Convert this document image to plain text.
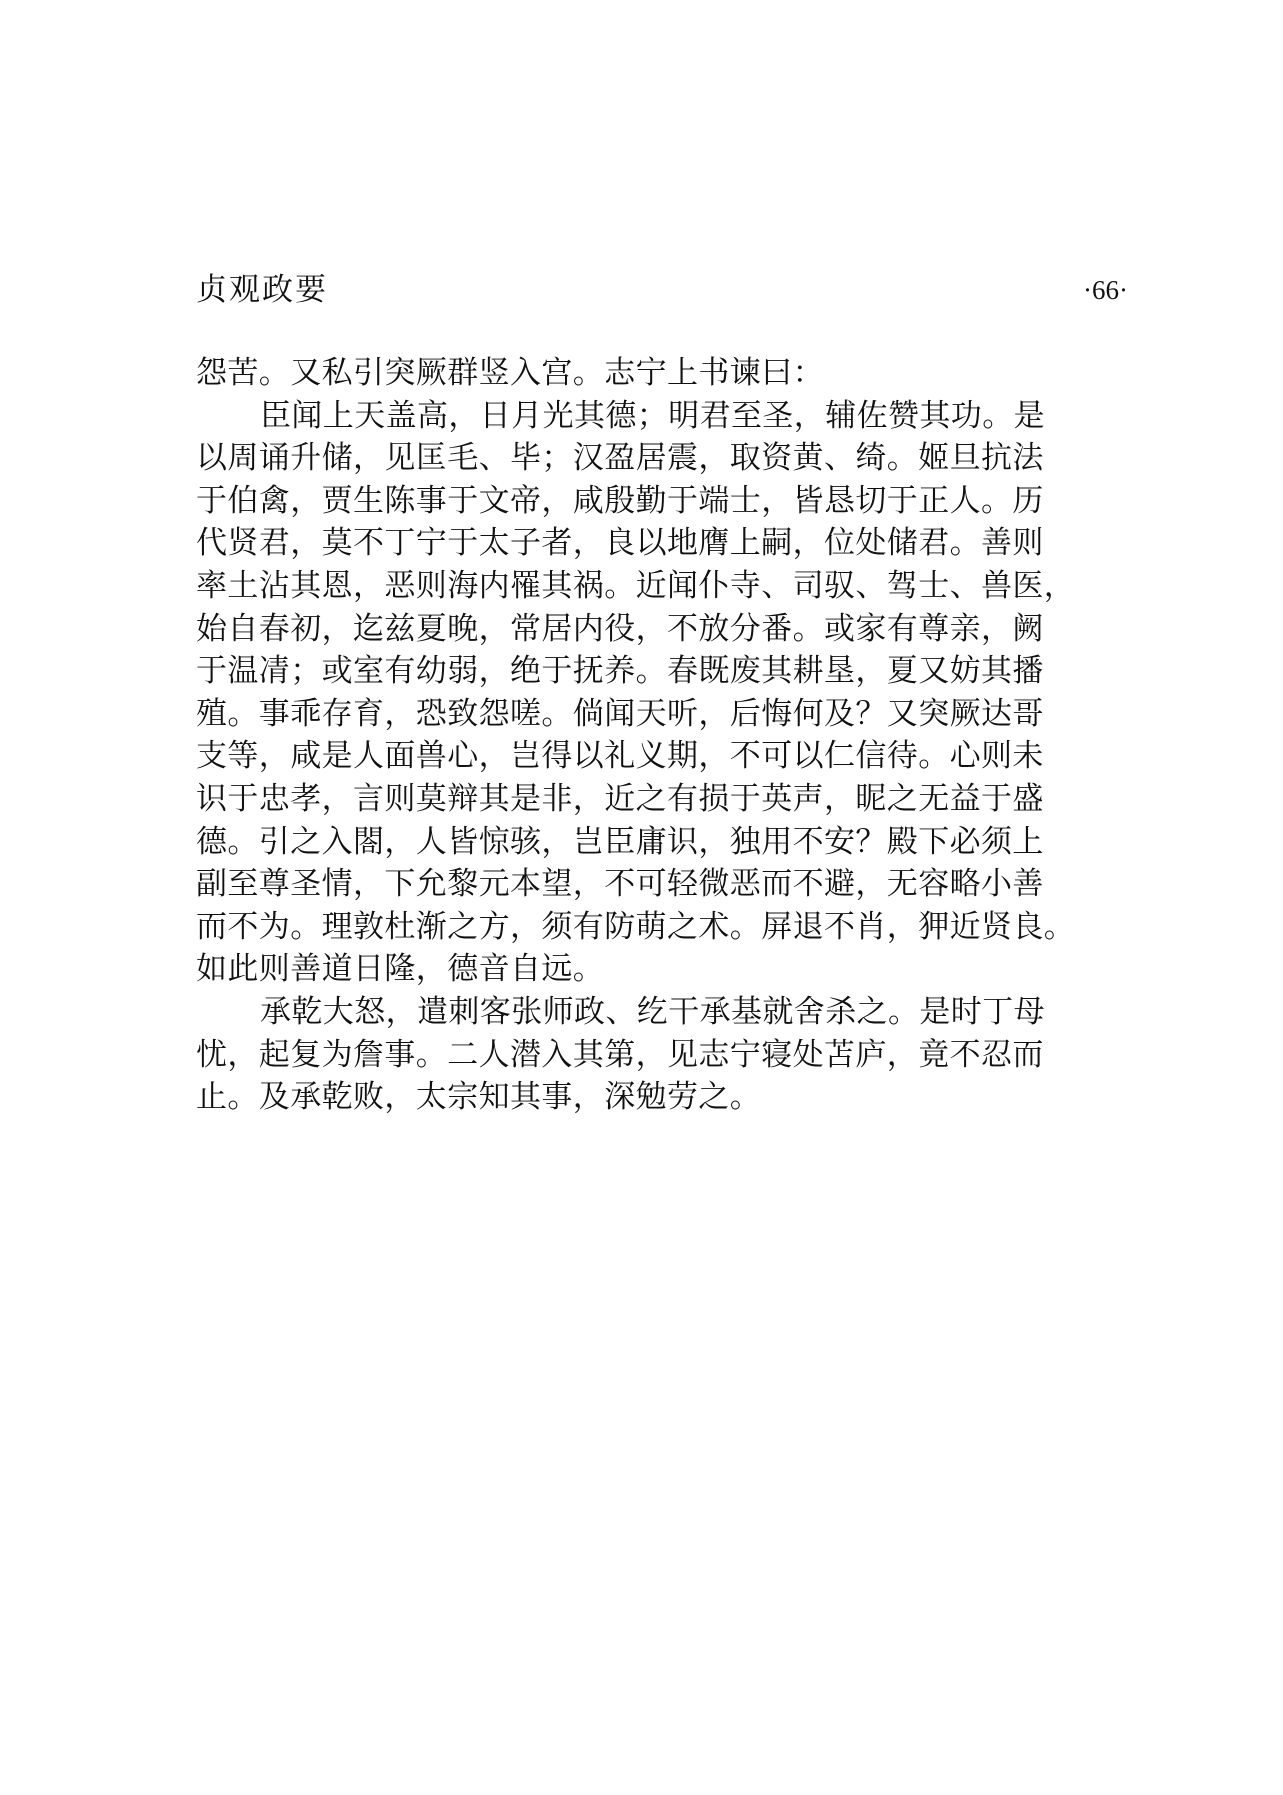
贞观政要	·66·
怨苦。又私引突厥群竖入宫。志宁上书谏曰：
臣闻上天盖高，日月光其德；明君至圣，辅佐赞其功。是
以周诵升储，见匡毛、毕；汉盈居震，取资黄、绮。姬旦抗法
于伯禽，贾生陈事于文帝，咸殷勤于端士，皆恳切于正人。历
代贤君，莫不丁宁于太子者，良以地膺上嗣，位处储君。善则
率土沾其恩，恶则海内罹其祸。近闻仆寺、司驭、驾士、兽医，
始自春初，迄兹夏晚，常居内役，不放分番。或家有尊亲，阙
于温凊；或室有幼弱，绝于抚养。春既废其耕垦，夏又妨其播
殖。事乖存育，恐致怨嗟。倘闻天听，后悔何及？又突厥达哥
支等，咸是人面兽心，岂得以礼义期，不可以仁信待。心则未
识于忠孝，言则莫辩其是非，近之有损于英声，昵之无益于盛
德。引之入閤，人皆惊骇，岂臣庸识，独用不安？殿下必须上
副至尊圣情，下允黎元本望，不可轻微恶而不避，无容略小善
而不为。理敦杜渐之方，须有防萌之术。屏退不肖，狎近贤良。
如此则善道日隆，德音自远。
承乾大怒，遣刺客张师政、纥干承基就舍杀之。是时丁母
忧，起复为詹事。二人潜入其第，见志宁寝处苫庐，竟不忍而
止。及承乾败，太宗知其事，深勉劳之。
